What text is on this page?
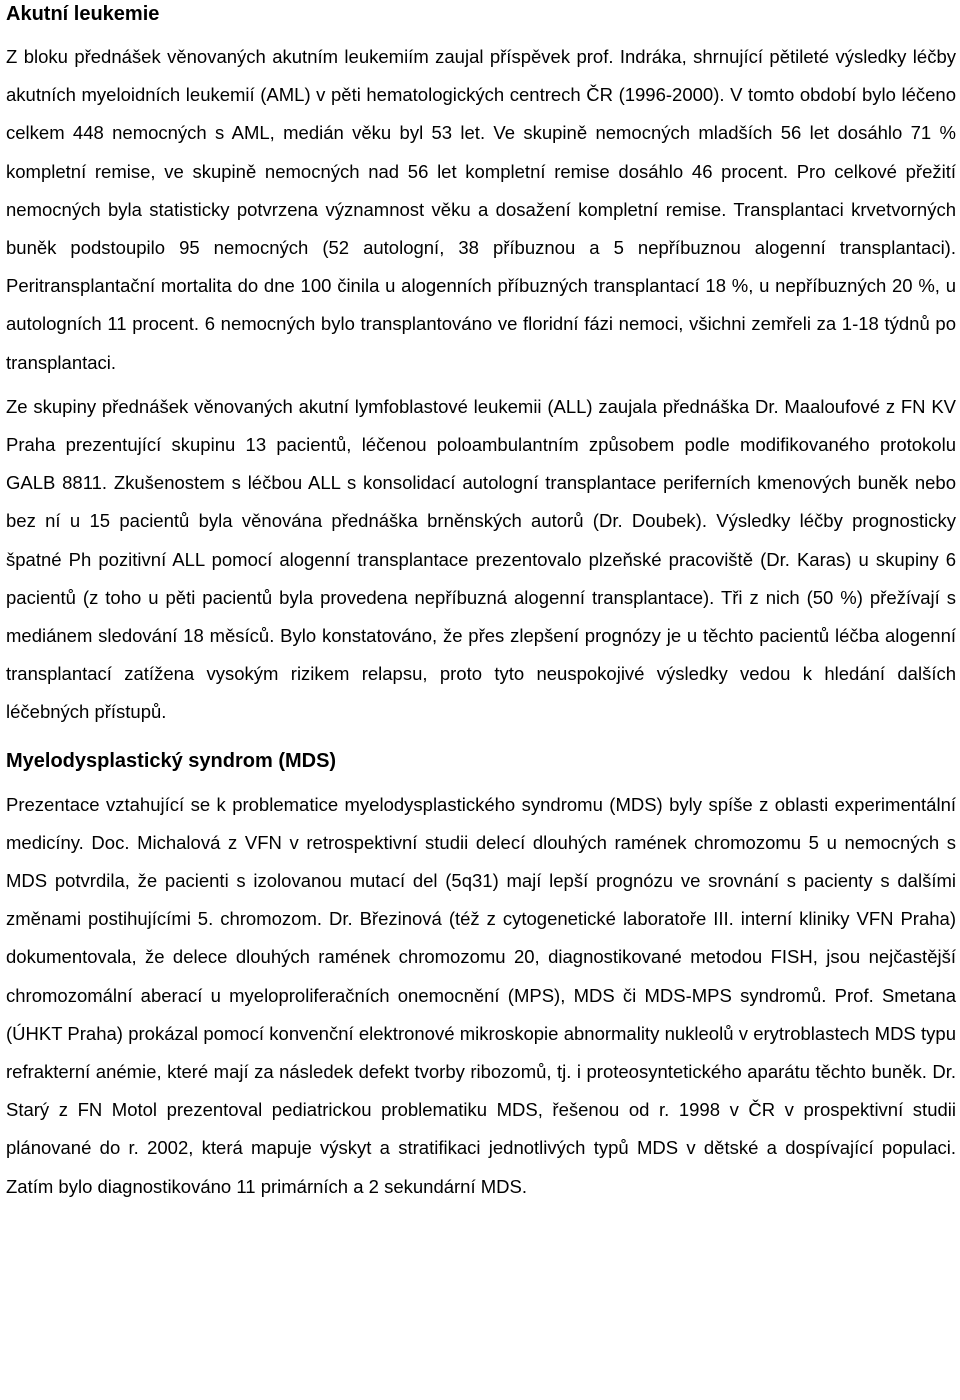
Akutní leukemie

Z bloku přednášek věnovaných akutním leukemiím zaujal příspěvek prof. Indráka, shrnující pětileté výsledky léčby akutních myeloidních leukemií (AML) v pěti hematologických centrech ČR (1996-2000). V tomto období bylo léčeno celkem 448 nemocných s AML, medián věku byl 53 let. Ve skupině nemocných mladších 56 let dosáhlo 71 % kompletní remise, ve skupině nemocných nad 56 let kompletní remise dosáhlo 46 procent. Pro celkové přežití nemocných byla statisticky potvrzena významnost věku a dosažení kompletní remise. Transplantaci krvetvorných buněk podstoupilo 95 nemocných (52 autologní, 38 příbuznou a 5 nepříbuznou alogenní transplantaci). Peritransplantační mortalita do dne 100 činila u alogenních příbuzných transplantací 18 %, u nepříbuzných 20 %, u autologních 11 procent. 6 nemocných bylo transplantováno ve floridní fázi nemoci, všichni zemřeli za 1-18 týdnů po transplantaci.

Ze skupiny přednášek věnovaných akutní lymfoblastové leukemii (ALL) zaujala přednáška Dr. Maaloufové z FN KV Praha prezentující skupinu 13 pacientů, léčenou poloambulantním způsobem podle modifikovaného protokolu GALB 8811. Zkušenostem s léčbou ALL s konsolidací autologní transplantace periferních kmenových buněk nebo bez ní u 15 pacientů byla věnována přednáška brněnských autorů (Dr. Doubek). Výsledky léčby prognosticky špatné Ph pozitivní ALL pomocí alogenní transplantace prezentovalo plzeňské pracoviště (Dr. Karas) u skupiny 6 pacientů (z toho u pěti pacientů byla provedena nepříbuzná alogenní transplantace). Tři z nich (50 %) přežívají s mediánem sledování 18 měsíců. Bylo konstatováno, že přes zlepšení prognózy je u těchto pacientů léčba alogenní transplantací zatížena vysokým rizikem relapsu, proto tyto neuspokojivé výsledky vedou k hledání dalších léčebných přístupů.

Myelodysplastický syndrom (MDS)

Prezentace vztahující se k problematice myelodysplastického syndromu (MDS) byly spíše z oblasti experimentální medicíny. Doc. Michalová z VFN v retrospektivní studii delecí dlouhých ramének chromozomu 5 u nemocných s MDS potvrdila, že pacienti s izolovanou mutací del (5q31) mají lepší prognózu ve srovnání s pacienty s dalšími změnami postihujícími 5. chromozom. Dr. Březinová (též z cytogenetické laboratoře III. interní kliniky VFN Praha) dokumentovala, že delece dlouhých ramének chromozomu 20, diagnostikované metodou FISH, jsou nejčastější chromozomální aberací u myeloproliferačních onemocnění (MPS), MDS či MDS-MPS syndromů. Prof. Smetana (ÚHKT Praha) prokázal pomocí konvenční elektronové mikroskopie abnormality nukleolů v erytroblastech MDS typu refrakterní anémie, které mají za následek defekt tvorby ribozomů, tj. i proteosyntetického aparátu těchto buněk. Dr. Starý z FN Motol prezentoval pediatrickou problematiku MDS, řešenou od r. 1998 v ČR v prospektivní studii plánované do r. 2002, která mapuje výskyt a stratifikaci jednotlivých typů MDS v dětské a dospívající populaci. Zatím bylo diagnostikováno 11 primárních a 2 sekundární MDS.
